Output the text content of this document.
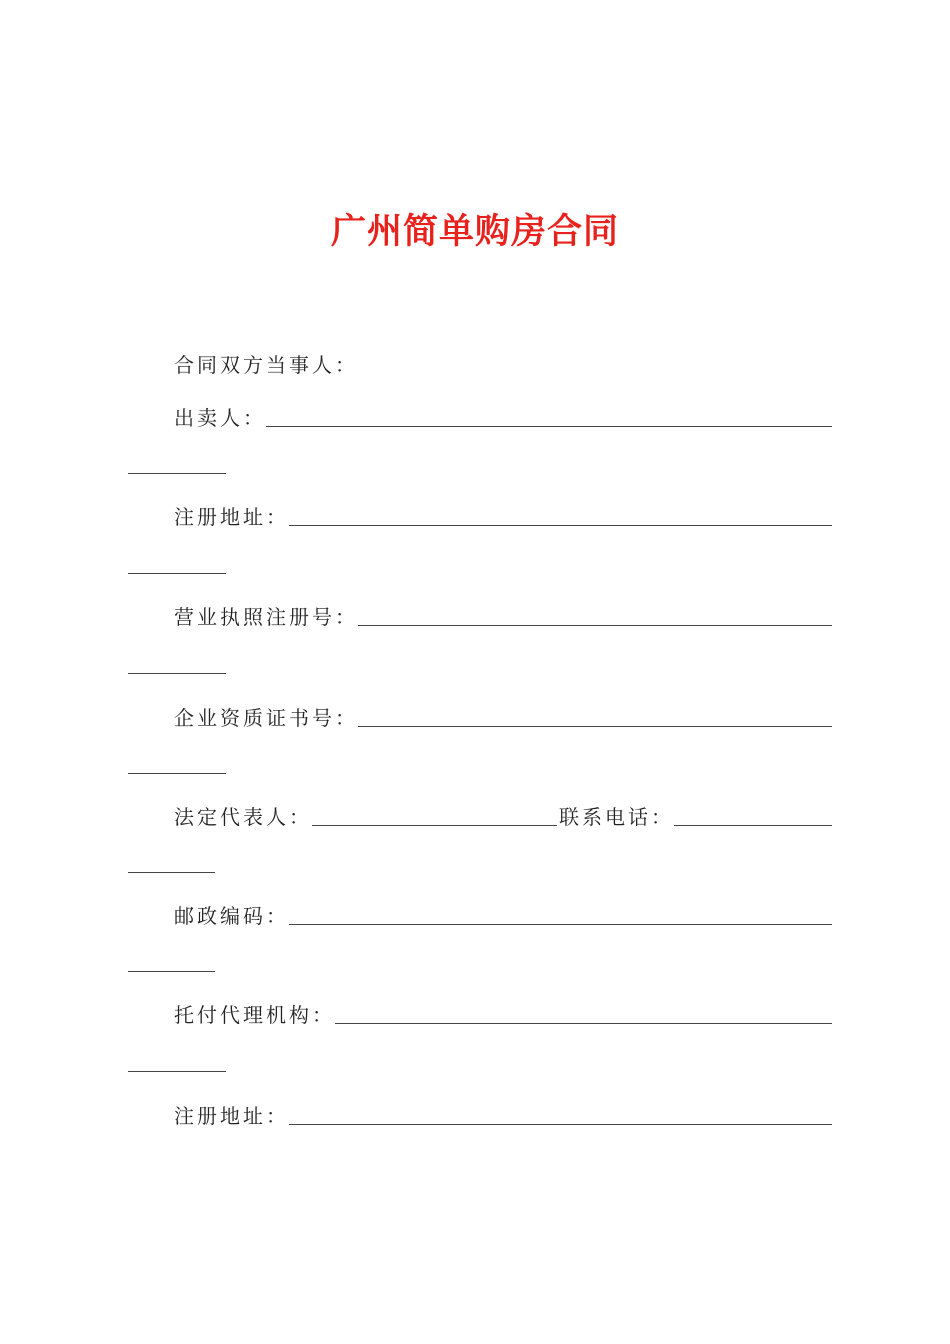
广州简单购房合同
合同双方当事人：
出卖人：
注册地址：
营业执照注册号：
企业资质证书号：
法定代表人：	联系电话：
邮政编码：
托付代理机构：
注册地址：
